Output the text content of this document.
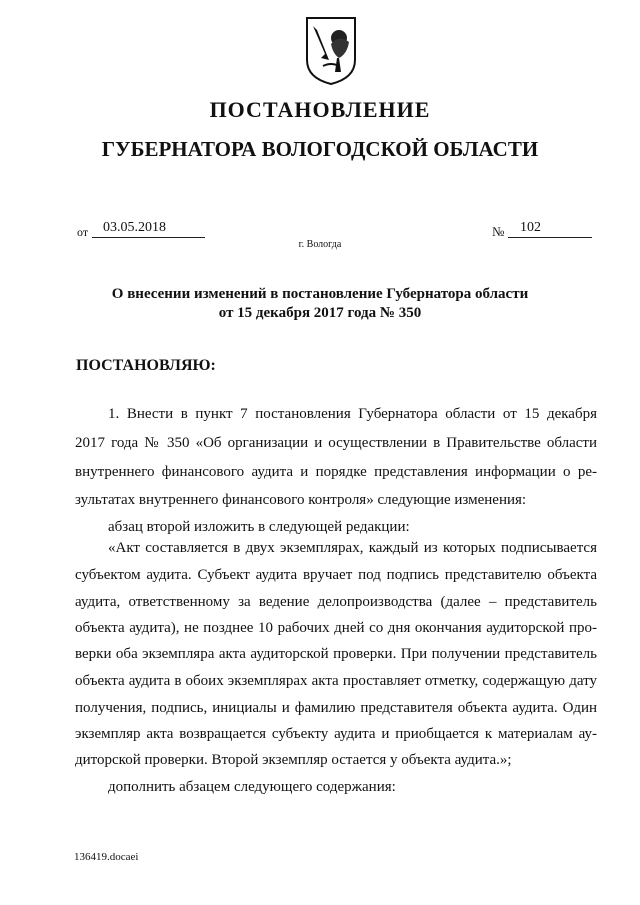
ПОСТАНОВЛЕНИЕ
ГУБЕРНАТОРА ВОЛОГОДСКОЙ ОБЛАСТИ
от 03.05.2018	№ 102
г. Вологда
О внесении изменений в постановление Губернатора области
от 15 декабря 2017 года № 350
ПОСТАНОВЛЯЮ:
1. Внести в пункт 7 постановления Губернатора области от 15 декабря
2017 года № 350 «Об организации и осуществлении в Правительстве области
внутреннего финансового аудита и порядке представления информации о ре-
зультатах внутреннего финансового контроля» следующие изменения:
абзац второй изложить в следующей редакции:
«Акт составляется в двух экземплярах, каждый из которых подписывается
субъектом аудита. Субъект аудита вручает под подпись представителю объекта
аудита, ответственному за ведение делопроизводства (далее – представитель
объекта аудита), не позднее 10 рабочих дней со дня окончания аудиторской про-
верки оба экземпляра акта аудиторской проверки. При получении представитель
объекта аудита в обоих экземплярах акта проставляет отметку, содержащую дату
получения, подпись, инициалы и фамилию представителя объекта аудита. Один
экземпляр акта возвращается субъекту аудита и приобщается к материалам ау-
диторской проверки. Второй экземпляр остается у объекта аудита.»;
дополнить абзацем следующего содержания:
136419.docaei
